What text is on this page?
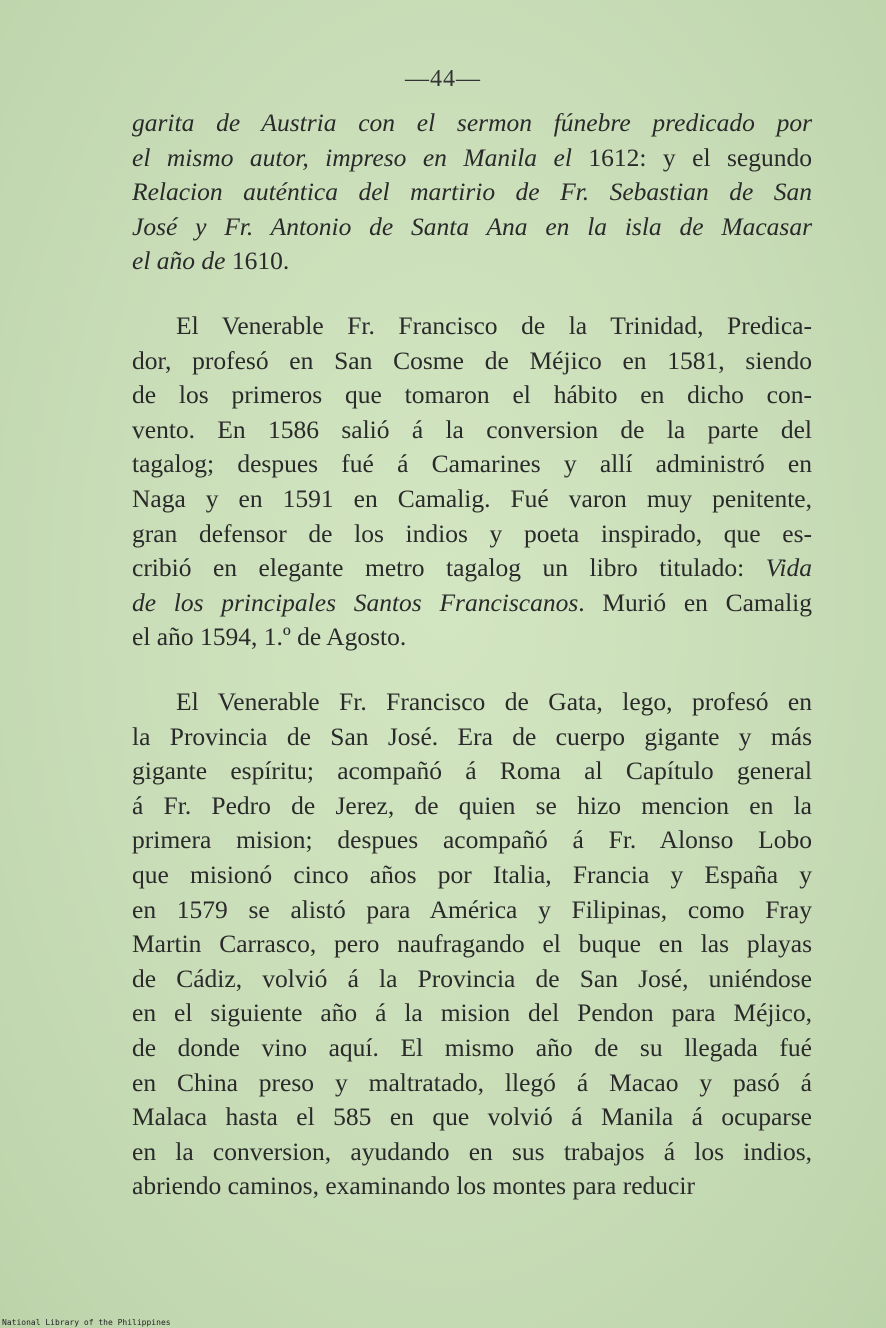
—44—
garita de Austria con el sermon fúnebre predicado por
el mismo autor, impreso en Manila el 1612: y el segundo
Relacion auténtica del martirio de Fr. Sebastian de San
José y Fr. Antonio de Santa Ana en la isla de Macasar
el año de 1610.
El Venerable Fr. Francisco de la Trinidad, Predica-
dor, profesó en San Cosme de Méjico en 1581, siendo
de los primeros que tomaron el hábito en dicho con-
vento. En 1586 salió á la conversion de la parte del
tagalog; despues fué á Camarines y allí administró en
Naga y en 1591 en Camalig. Fué varon muy penitente,
gran defensor de los indios y poeta inspirado, que es-
cribió en elegante metro tagalog un libro titulado: Vida
de los principales Santos Franciscanos. Murió en Camalig
el año 1594, 1.º de Agosto.
El Venerable Fr. Francisco de Gata, lego, profesó en
la Provincia de San José. Era de cuerpo gigante y más
gigante espíritu; acompañó á Roma al Capítulo general
á Fr. Pedro de Jerez, de quien se hizo mencion en la
primera mision; despues acompañó á Fr. Alonso Lobo
que misionó cinco años por Italia, Francia y España y
en 1579 se alistó para América y Filipinas, como Fray
Martin Carrasco, pero naufragando el buque en las playas
de Cádiz, volvió á la Provincia de San José, uniéndose
en el siguiente año á la mision del Pendon para Méjico,
de donde vino aquí. El mismo año de su llegada fué
en China preso y maltratado, llegó á Macao y pasó á
Malaca hasta el 585 en que volvió á Manila á ocuparse
en la conversion, ayudando en sus trabajos á los indios,
abriendo caminos, examinando los montes para reducir
National Library of the Philippines
